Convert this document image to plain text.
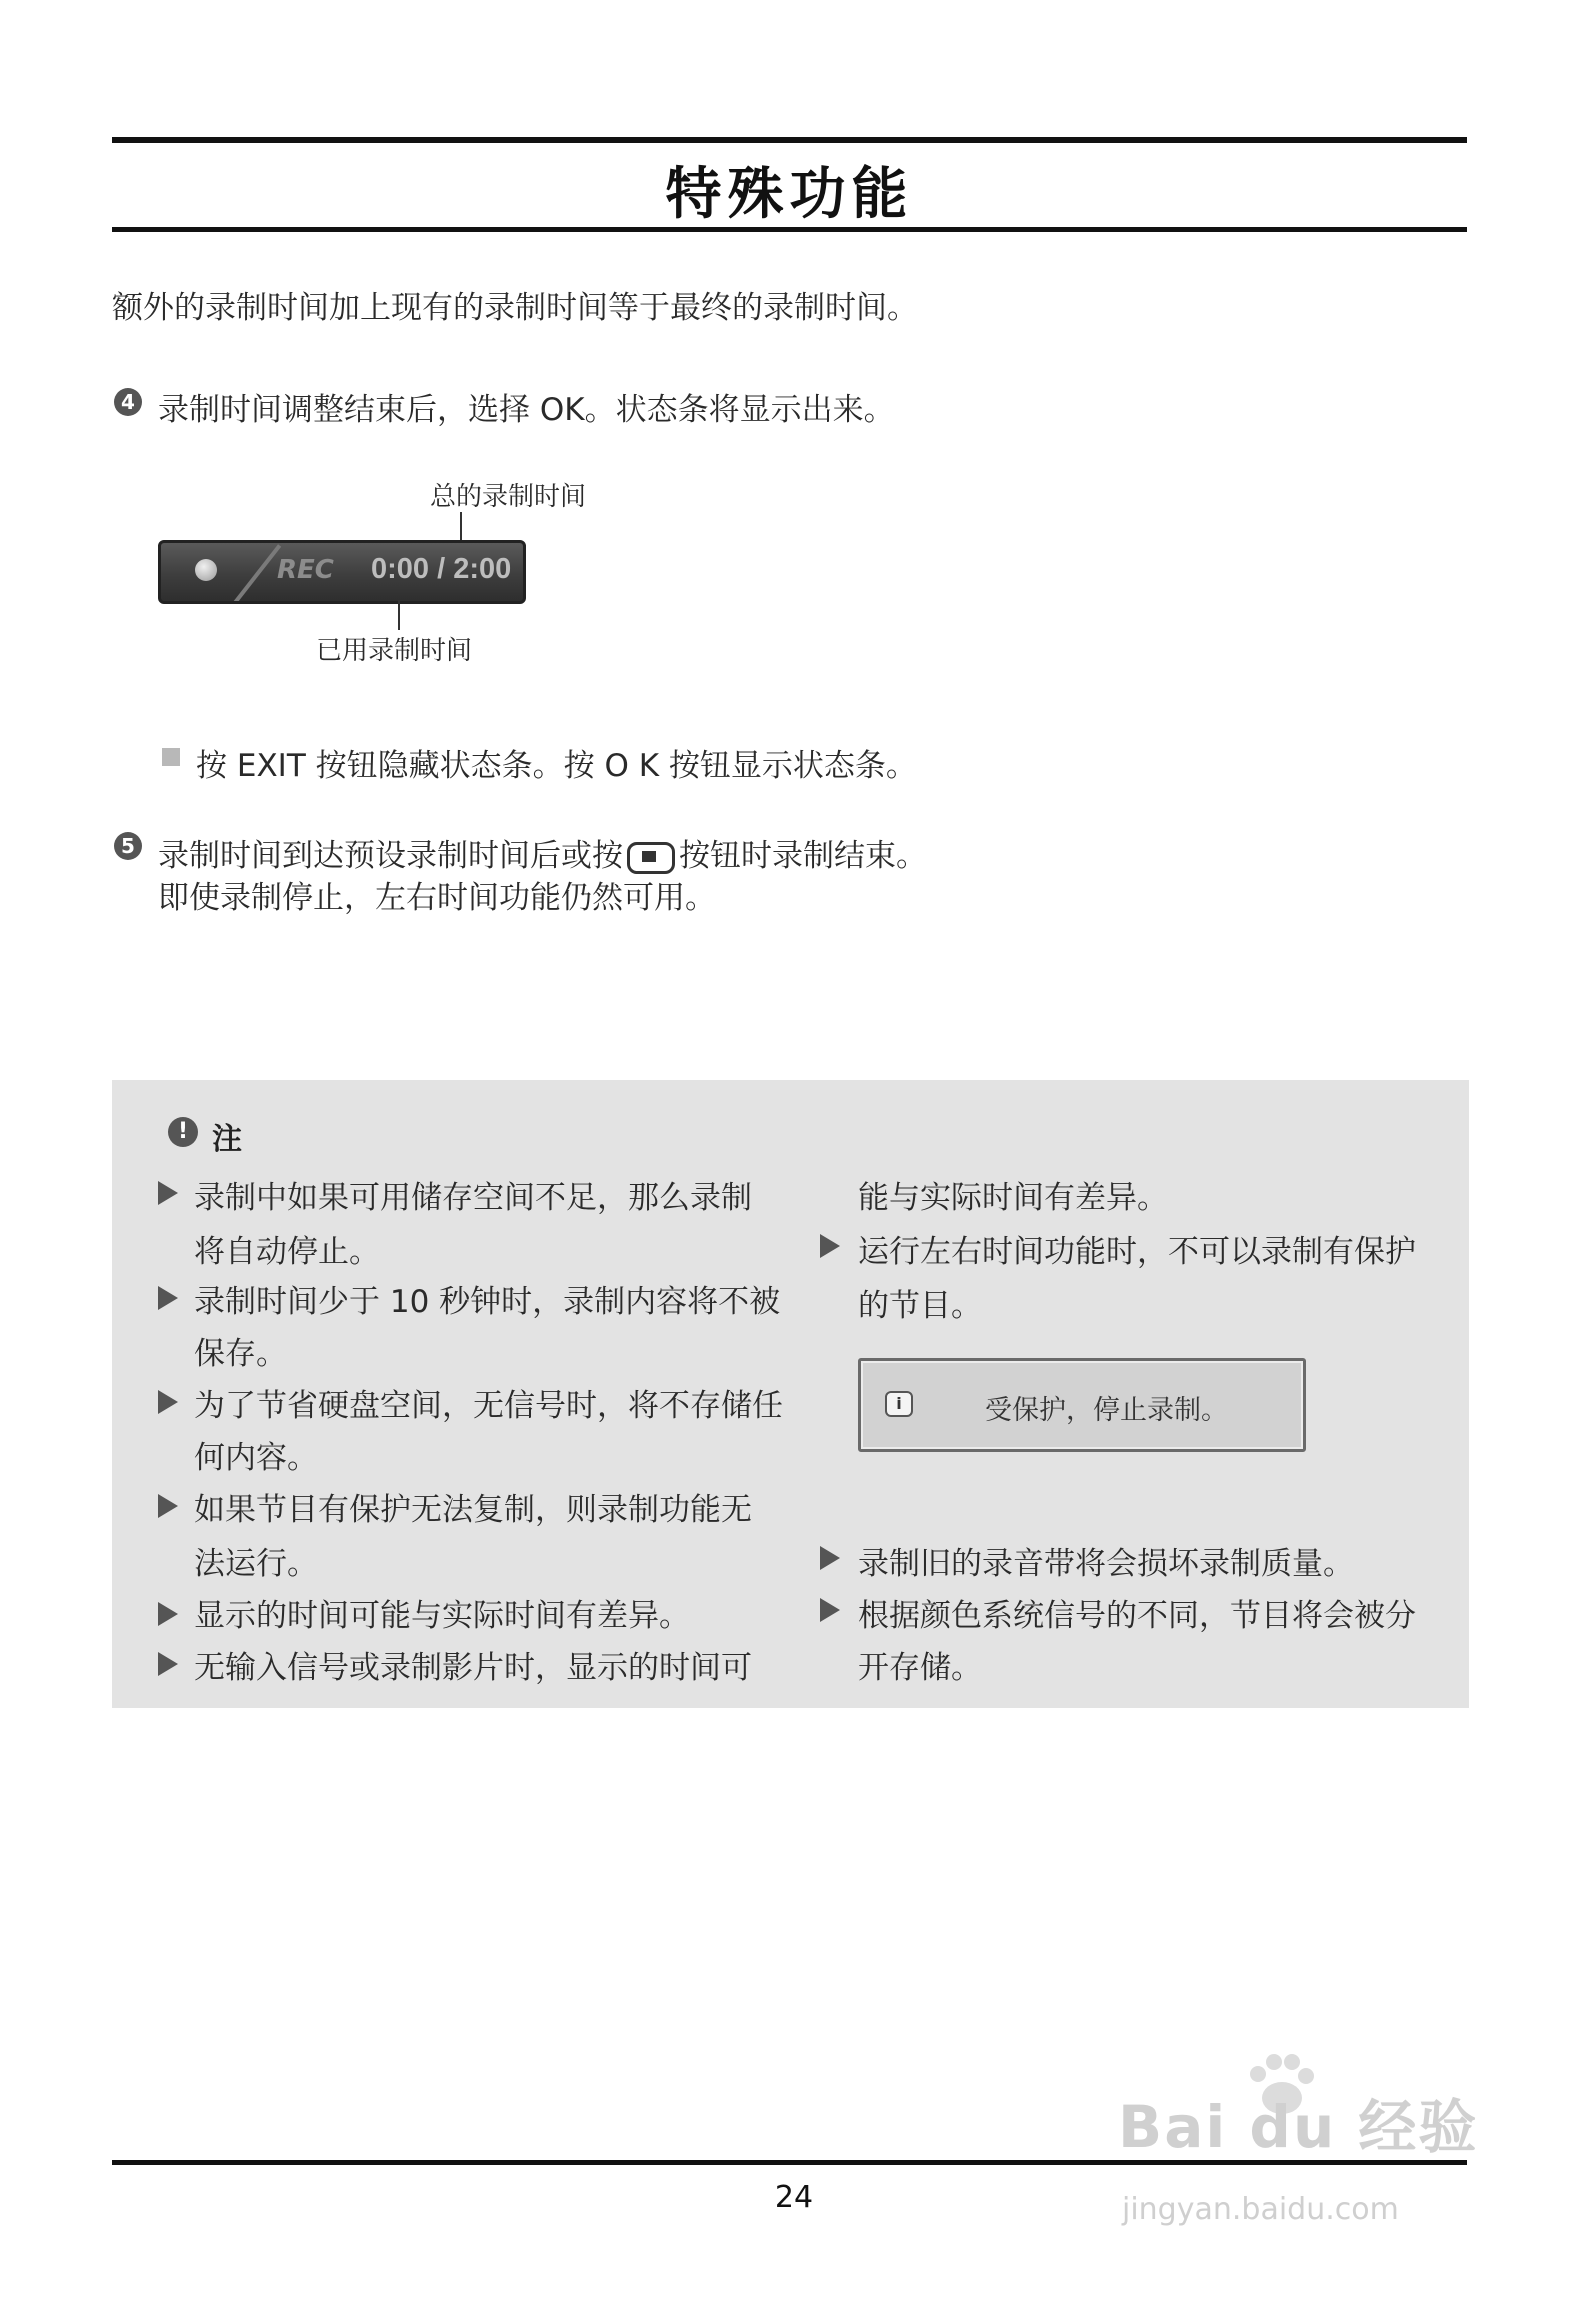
特殊功能
额外的录制时间加上现有的录制时间等于最终的录制时间。
4 录制时间调整结束后，选择 OK。状态条将显示出来。
总的录制时间
REC 0:00 / 2:00
已用录制时间
按 EXIT 按钮隐藏状态条。按 O K 按钮显示状态条。
5 录制时间到达预设录制时间后或按 按钮时录制结束。
即使录制停止，左右时间功能仍然可用。
! 注
录制中如果可用储存空间不足，那么录制
将自动停止。
录制时间少于 10 秒钟时，录制内容将不被
保存。
为了节省硬盘空间，无信号时，将不存储任
何内容。
如果节目有保护无法复制，则录制功能无
法运行。
显示的时间可能与实际时间有差异。
无输入信号或录制影片时，显示的时间可
能与实际时间有差异。
运行左右时间功能时，不可以录制有保护
的节目。
i	受保护，停止录制。
录制旧的录音带将会损坏录制质量。
根据颜色系统信号的不同，节目将会被分
开存储。
24
Bai du 经验
jingyan.baidu.com
